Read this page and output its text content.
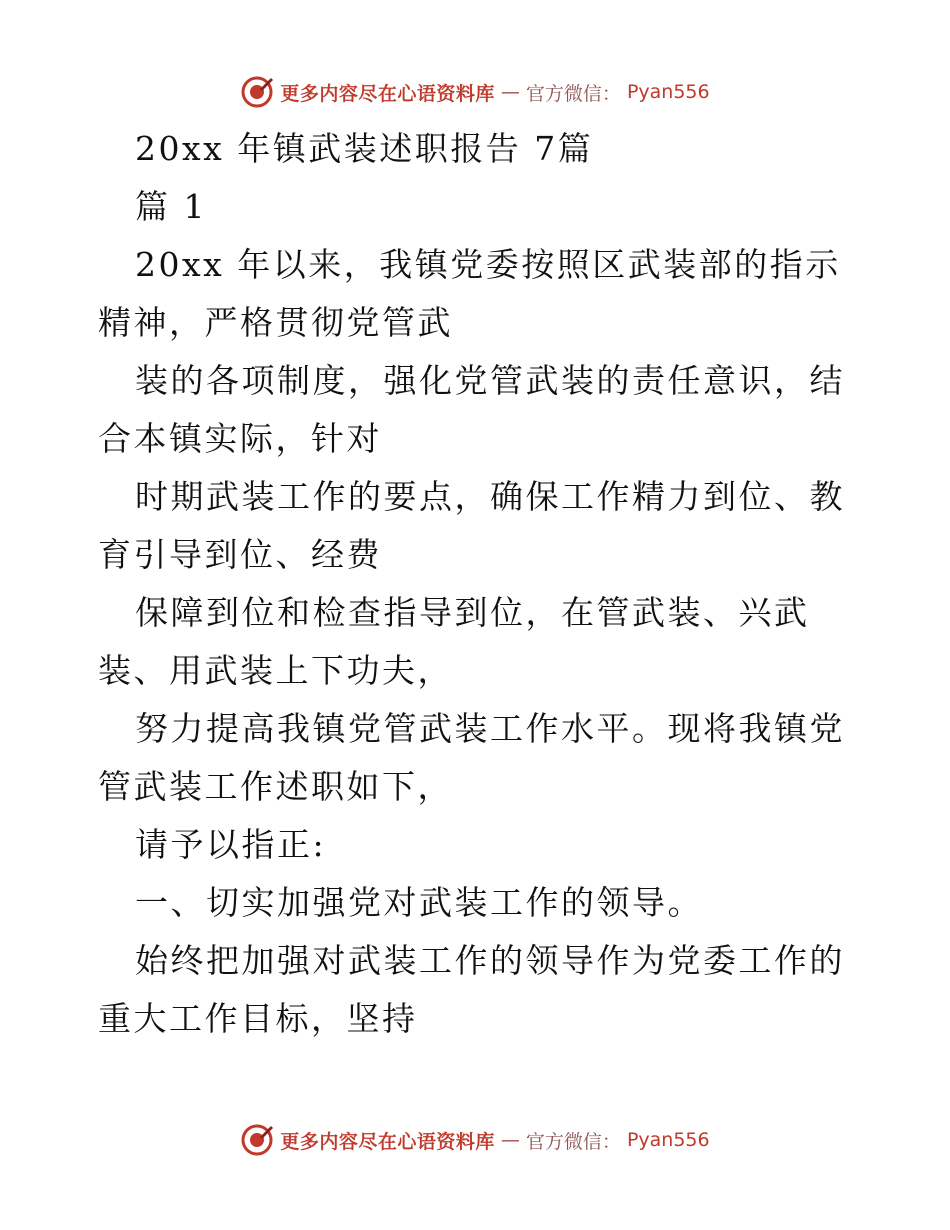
更多内容尽在心语资料库 — 官方微信： Pyan556

20xx 年镇武装述职报告 7篇

篇 1

20xx 年以来，我镇党委按照区武装部的指示精神，严格贯彻党管武

装的各项制度，强化党管武装的责任意识，结合本镇实际，针对

时期武装工作的要点，确保工作精力到位、教育引导到位、经费

保障到位和检查指导到位，在管武装、兴武装、用武装上下功夫，

努力提高我镇党管武装工作水平。现将我镇党管武装工作述职如下，

请予以指正:

一、切实加强党对武装工作的领导。

始终把加强对武装工作的领导作为党委工作的重大工作目标，坚持

更多内容尽在心语资料库 — 官方微信： Pyan556
